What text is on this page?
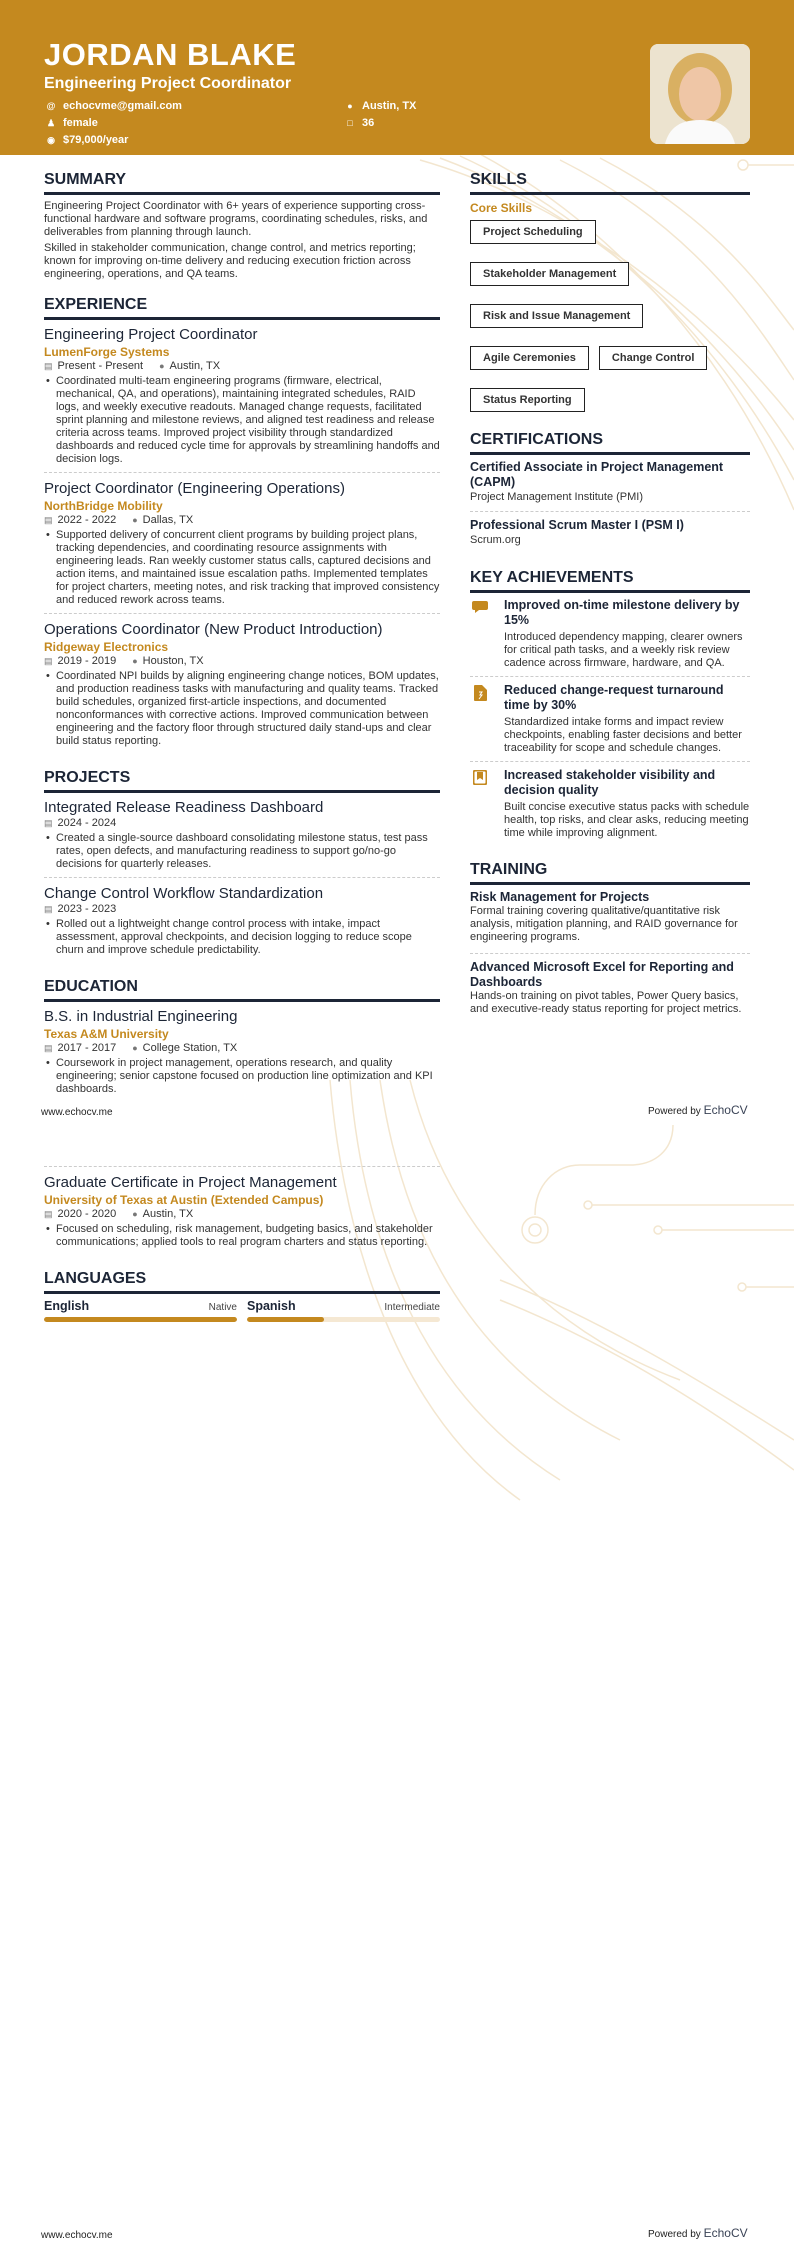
JORDAN BLAKE
Engineering Project Coordinator
@ echocvme@gmail.com
♟ female
◉ $79,000/year
● Austin, TX
□ 36
SUMMARY

Engineering Project Coordinator with 6+ years of experience supporting cross-functional hardware and software programs, coordinating schedules, risks, and deliverables from planning through launch.

Skilled in stakeholder communication, change control, and metrics reporting; known for improving on-time delivery and reducing execution friction across engineering, operations, and QA teams.

EXPERIENCE
Engineering Project Coordinator
LumenForge Systems
▤ Present - Present ● Austin, TX
• Coordinated multi-team engineering programs (firmware, electrical, mechanical, QA, and operations), maintaining integrated schedules, RAID logs, and weekly executive readouts. Managed change requests, facilitated sprint planning and milestone reviews, and aligned test readiness and release criteria across teams. Improved project visibility through standardized dashboards and reduced cycle time for approvals by streamlining handoffs and decision logs.
Project Coordinator (Engineering Operations)
NorthBridge Mobility
▤ 2022 - 2022 ● Dallas, TX
• Supported delivery of concurrent client programs by building project plans, tracking dependencies, and coordinating resource assignments with engineering leads. Ran weekly customer status calls, captured decisions and action items, and maintained issue escalation paths. Implemented templates for project charters, meeting notes, and risk tracking that improved consistency and reduced rework across teams.
Operations Coordinator (New Product Introduction)
Ridgeway Electronics
▤ 2019 - 2019 ● Houston, TX
• Coordinated NPI builds by aligning engineering change notices, BOM updates, and production readiness tasks with manufacturing and quality teams. Tracked build schedules, organized first-article inspections, and documented nonconformances with corrective actions. Improved communication between engineering and the factory floor through structured daily stand-ups and clear build status reporting.
PROJECTS
Integrated Release Readiness Dashboard
▤ 2024 - 2024
• Created a single-source dashboard consolidating milestone status, test pass rates, open defects, and manufacturing readiness to support go/no-go decisions for quarterly releases.
Change Control Workflow Standardization
▤ 2023 - 2023
• Rolled out a lightweight change control process with intake, impact assessment, approval checkpoints, and decision logging to reduce scope churn and improve schedule predictability.
EDUCATION
B.S. in Industrial Engineering
Texas A&M University
▤ 2017 - 2017 ● College Station, TX
• Coursework in project management, operations research, and quality engineering; senior capstone focused on production line optimization and KPI dashboards.
www.echocv.me	Powered by EchoCV
Graduate Certificate in Project Management
University of Texas at Austin (Extended Campus)
▤ 2020 - 2020 ● Austin, TX
• Focused on scheduling, risk management, budgeting basics, and stakeholder communications; applied tools to real program charters and status reporting.
LANGUAGES
English	Native Spanish	Intermediate
www.echocv.me	Powered by EchoCV
SKILLS
Core Skills
Project Scheduling
Stakeholder Management
Risk and Issue Management
Agile Ceremonies	Change Control
Status Reporting
CERTIFICATIONS
Certified Associate in Project Management (CAPM)
Project Management Institute (PMI)
Professional Scrum Master I (PSM I)
Scrum.org
KEY ACHIEVEMENTS
Improved on-time milestone delivery by 15%
Introduced dependency mapping, clearer owners for critical path tasks, and a weekly risk review cadence across firmware, hardware, and QA.
Reduced change-request turnaround time by 30%
Standardized intake forms and impact review checkpoints, enabling faster decisions and better traceability for scope and schedule changes.
Increased stakeholder visibility and decision quality
Built concise executive status packs with schedule health, top risks, and clear asks, reducing meeting time while improving alignment.
TRAINING
Risk Management for Projects
Formal training covering qualitative/quantitative risk analysis, mitigation planning, and RAID governance for engineering programs.
Advanced Microsoft Excel for Reporting and Dashboards
Hands-on training on pivot tables, Power Query basics, and executive-ready status reporting for project metrics.
